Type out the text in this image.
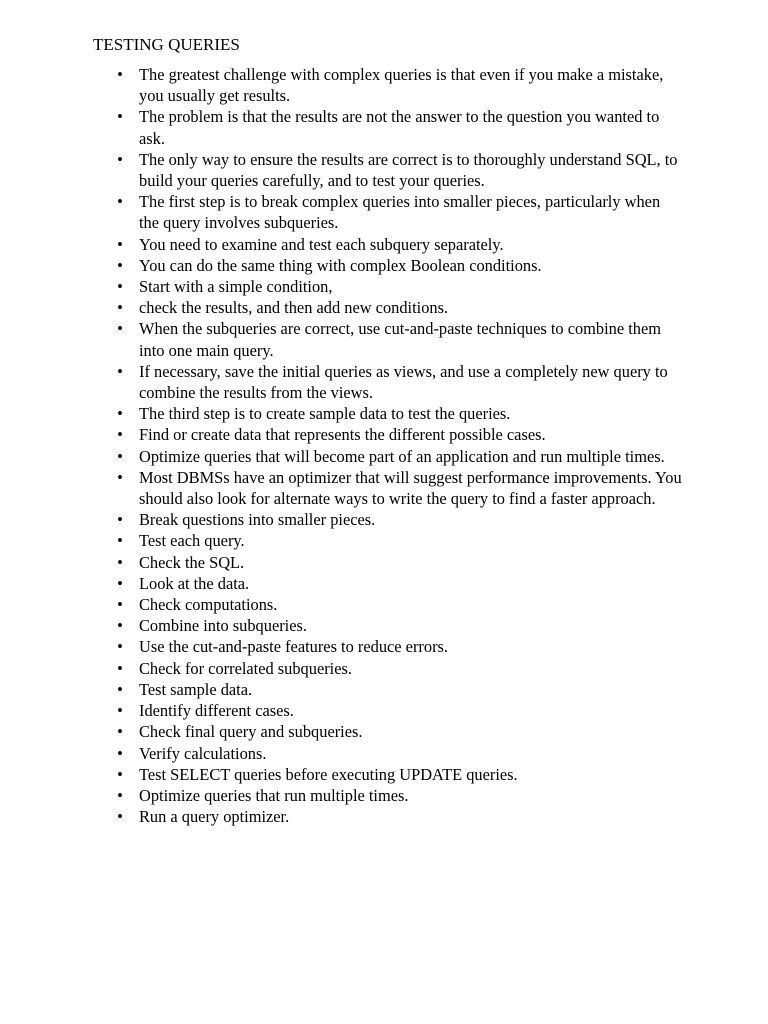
TESTING QUERIES
• The greatest challenge with complex queries is that even if you make a mistake, you usually get results.
• The problem is that the results are not the answer to the question you wanted to ask.
• The only way to ensure the results are correct is to thoroughly understand SQL, to build your queries carefully, and to test your queries.
• The first step is to break complex queries into smaller pieces, particularly when the query involves subqueries.
• You need to examine and test each subquery separately.
• You can do the same thing with complex Boolean conditions.
• Start with a simple condition,
• check the results, and then add new conditions.
• When the subqueries are correct, use cut-and-paste techniques to combine them into one main query.
• If necessary, save the initial queries as views, and use a completely new query to combine the results from the views.
• The third step is to create sample data to test the queries.
• Find or create data that represents the different possible cases.
• Optimize queries that will become part of an application and run multiple times.
• Most DBMSs have an optimizer that will suggest performance improvements. You should also look for alternate ways to write the query to find a faster approach.
• Break questions into smaller pieces.
• Test each query.
• Check the SQL.
• Look at the data.
• Check computations.
• Combine into subqueries.
• Use the cut-and-paste features to reduce errors.
• Check for correlated subqueries.
• Test sample data.
• Identify different cases.
• Check final query and subqueries.
• Verify calculations.
• Test SELECT queries before executing UPDATE queries.
• Optimize queries that run multiple times.
• Run a query optimizer.
